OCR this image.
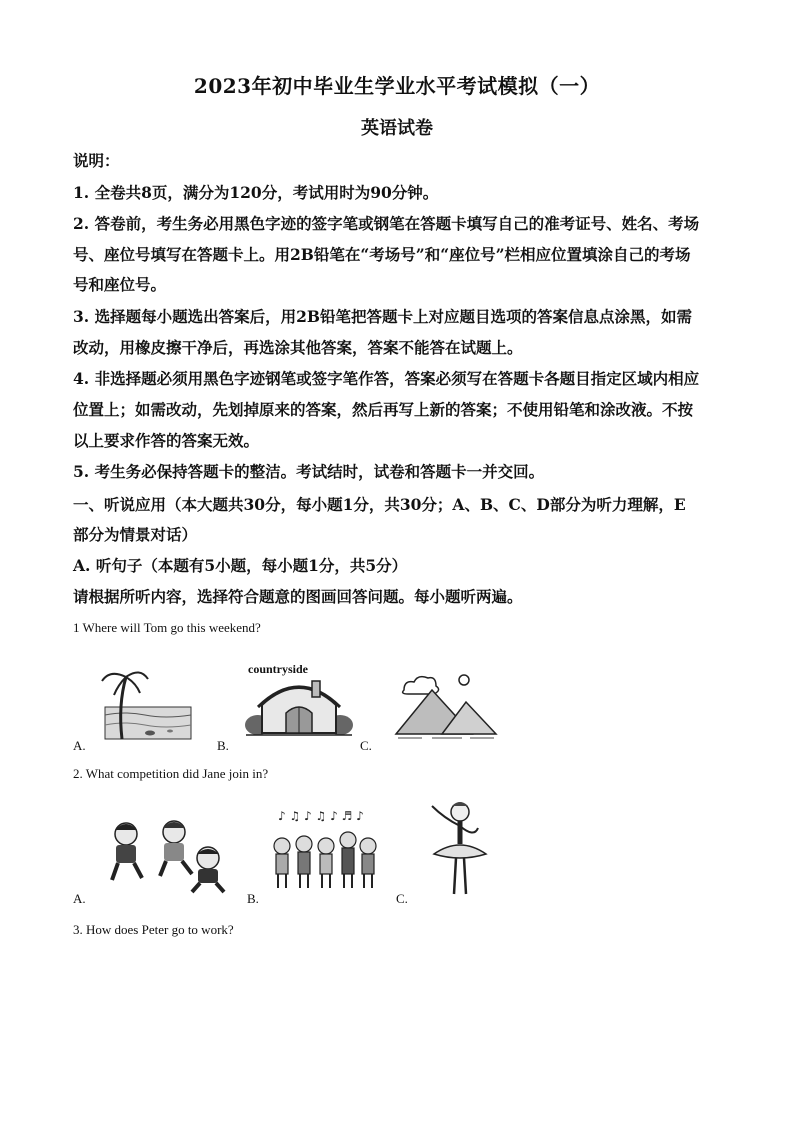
2023年初中毕业生学业水平考试模拟（一）
英语试卷
说明：
1. 全卷共8页，满分为120分，考试用时为90分钟。
2. 答卷前，考生务必用黑色字迹的签字笔或钢笔在答题卡填写自己的准考证号、姓名、考场
号、座位号填写在答题卡上。用2B铅笔在“考场号”和“座位号”栏相应位置填涂自己的考场
号和座位号。
3. 选择题每小题选出答案后，用2B铅笔把答题卡上对应题目选项的答案信息点涂黑，如需
改动，用橡皮擦干净后，再选涂其他答案，答案不能答在试题上。
4. 非选择题必须用黑色字迹钢笔或签字笔作答，答案必须写在答题卡各题目指定区域内相应
位置上；如需改动，先划掉原来的答案，然后再写上新的答案；不使用铅笔和涂改液。不按
以上要求作答的答案无效。
5. 考生务必保持答题卡的整洁。考试结时，试卷和答题卡一并交回。
一、听说应用（本大题共30分，每小题1分，共30分；A、B、C、D部分为听力理解，E
部分为情景对话）
A. 听句子（本题有5小题，每小题1分，共5分）
请根据所听内容，选择符合题意的图画回答问题。每小题听两遍。
1 Where will Tom go this weekend?
A.
countryside
B.	C.
2. What competition did Jane join in?
A.
♪ ♫ ♪ ♫ ♪ ♬ ♪
B.	C.
3. How does Peter go to work?
